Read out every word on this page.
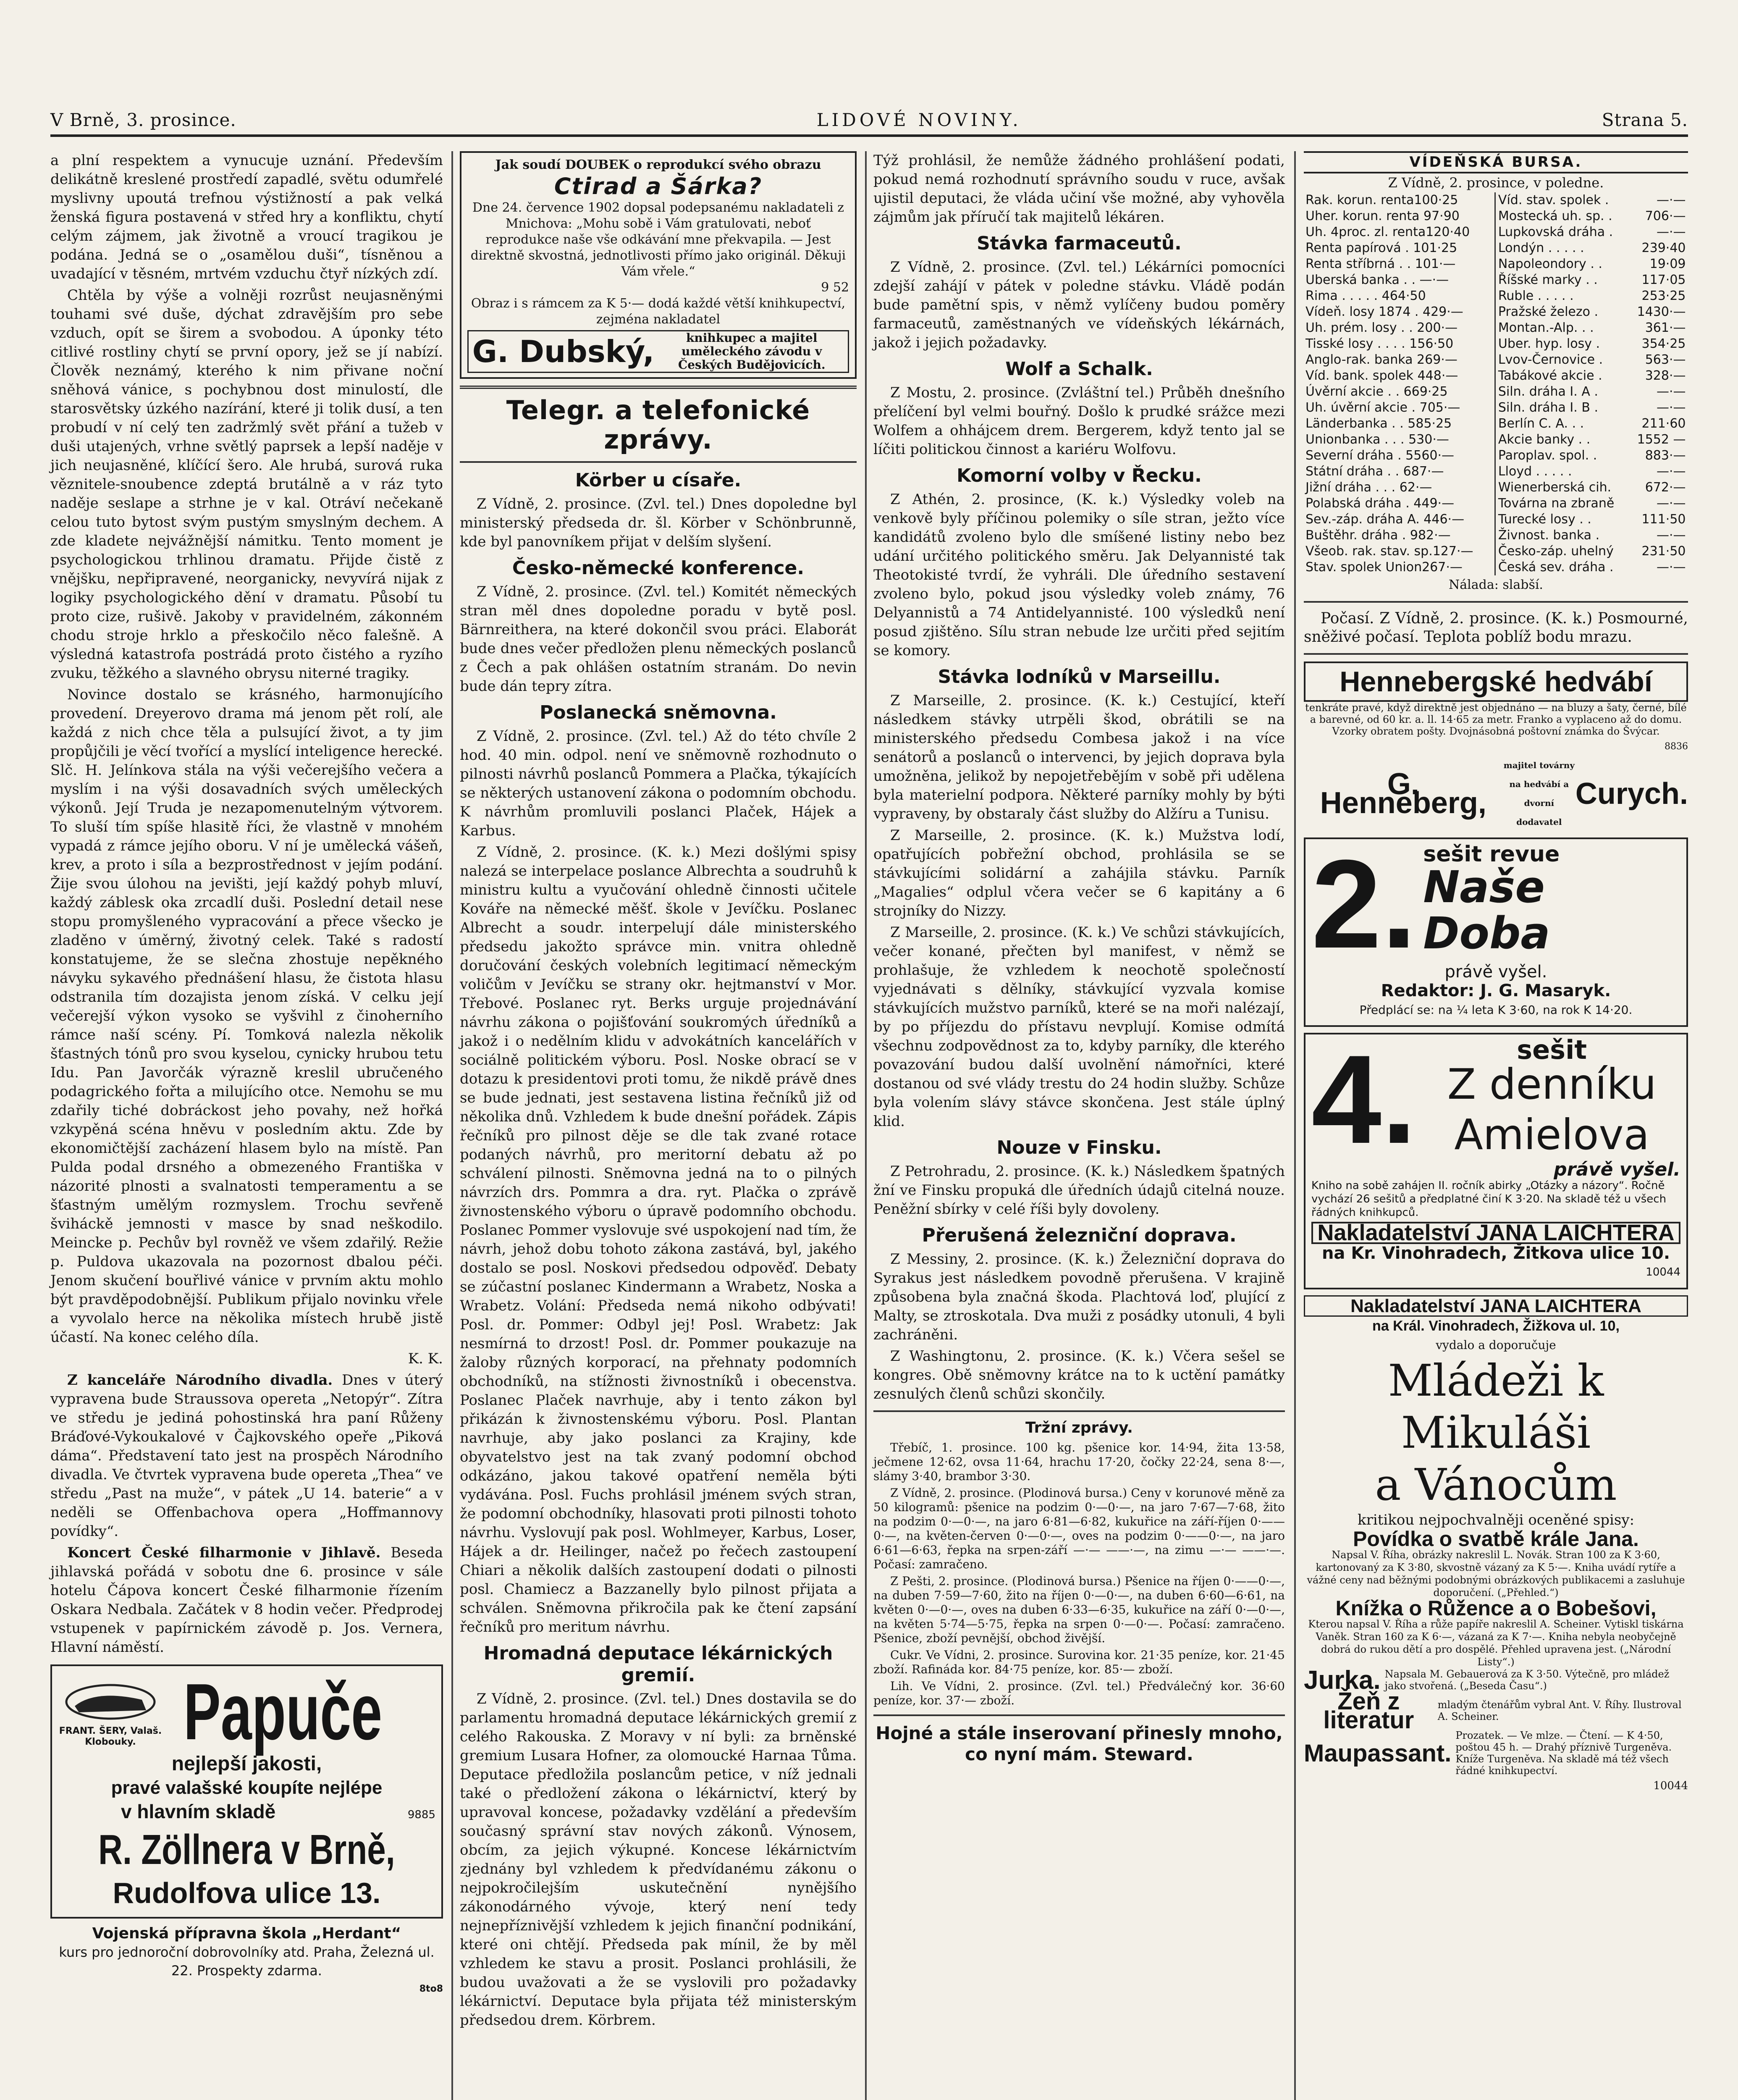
V Brně, 3. prosince.	LIDOVÉ NOVINY.	Strana 5.

a plní respektem a vynucuje uznání. Především delikátně kreslené prostředí zapadlé, světu odumřelé myslivny upoutá trefnou výstižností a pak velká ženská figura postavená v střed hry a konfliktu, chytí celým zájmem, jak životně a vroucí tragikou je podána. Jedná se o „osamělou duši“, tísněnou a uvadající v těsném, mrtvém vzduchu čtyř nízkých zdí.

Chtěla by výše a volněji rozrůst neujasněnými touhami své duše, dýchat zdravějším pro sebe vzduch, opít se širem a svobodou. A úponky této citlivé rostliny chytí se první opory, jež se jí nabízí. Člověk neznámý, kterého k nim přivane noční sněhová vánice, s pochybnou dost minulostí, dle starosvětsky úzkého nazírání, které ji tolik dusí, a ten probudí v ní celý ten zadržmlý svět přání a tužeb v duši utajených, vrhne světlý paprsek a lepší naděje v jich neujasněné, klíčící šero. Ale hrubá, surová ruka věznitele-snoubence zdeptá brutálně a v ráz tyto naděje seslape a strhne je v kal. Otráví nečekaně celou tuto bytost svým pustým smyslným dechem. A zde kladete nejvážnější námitku. Tento moment je psychologickou trhlinou dramatu. Přijde čistě z vnějšku, nepřipravené, neorganicky, nevyvírá nijak z logiky psychologického dění v dramatu. Působí tu proto cize, rušivě. Jakoby v pravidelném, zákonném chodu stroje hrklo a přeskočilo něco falešně. A výsledná katastrofa postrádá proto čistého a ryzího zvuku, těžkého a slavného obrysu niterné tragiky.

Novince dostalo se krásného, harmonujícího provedení. Dreyerovo drama má jenom pět rolí, ale každá z nich chce těla a pulsující život, a ty jim propůjčili je věcí tvořící a myslící inteligence herecké. Slč. H. Jelínkova stála na výši večerejšího večera a myslím i na výši dosavadních svých uměleckých výkonů. Její Truda je nezapomenutelným výtvorem. To sluší tím spíše hlasitě říci, že vlastně v mnohém vypadá z rámce jejího oboru. V ní je umělecká vášeň, krev, a proto i síla a bezprostřednost v jejím podání. Žije svou úlohou na jevišti, její každý pohyb mluví, každý záblesk oka zrcadlí duši. Poslední detail nese stopu promyšleného vypracování a přece všecko je zladěno v úměrný, životný celek. Také s radostí konstatujeme, že se slečna zhostuje nepěkného návyku sykavého přednášení hlasu, že čistota hlasu odstranila tím dozajista jenom získá. V celku její večerejší výkon vysoko se vyšvihl z činoherního rámce naší scény. Pí. Tomková nalezla několik šťastných tónů pro svou kyselou, cynicky hrubou tetu Idu. Pan Javorčák výrazně kreslil ubručeného podagrického fořta a milujícího otce. Nemohu se mu zdařily tiché dobráckost jeho povahy, než hořká vzkypěná scéna hněvu v posledním aktu. Zde by ekonomičtější zacházení hlasem bylo na místě. Pan Pulda podal drsného a obmezeného Františka v názorité plnosti a svalnatosti temperamentu a se šťastným umělým rozmyslem. Trochu sevřeně šviháckě jemnosti v masce by snad neškodilo. Meincke p. Pechův byl rovněž ve všem zdařilý. Režie p. Puldova ukazovala na pozornost dbalou péči. Jenom skučení bouřlivé vánice v prvním aktu mohlo být pravděpodobnější. Publikum přijalo novinku vřele a vyvolalo herce na několika místech hrubě jistě účastí. Na konec celého díla.

K. K.

Z kanceláře Národního divadla. Dnes v úterý vypravena bude Straussova opereta „Netopýr“. Zítra ve středu je jediná pohostinská hra paní Růženy Bráďové-Vykoukalové v Čajkovského opeře „Piková dáma“. Představení tato jest na prospěch Národního divadla. Ve čtvrtek vypravena bude opereta „Thea“ ve středu „Past na muže“, v pátek „U 14. baterie“ a v neděli se Offenbachova opera „Hoffmannovy povídky“.

Koncert České filharmonie v Jihlavě. Beseda jihlavská pořádá v sobotu dne 6. prosince v sále hotelu Čápova koncert České filharmonie řízením Oskara Nedbala. Začátek v 8 hodin večer. Předprodej vstupenek v papírnickém závodě p. Jos. Vernera, Hlavní náměstí.

FRANT. ŠERY, Valaš. Klobouky. Papuče
nejlepší jakosti,
pravé valašské koupíte nejlépe
v hlavním skladě	9885
R. Zöllnera v Brně,
Rudolfova ulice 13.
Vojenská přípravna škola „Herdant“
kurs pro jednoroční dobrovolníky atd. Praha, Železná ul. 22. Prospekty zdarma.
8to8
Jak soudí DOUBEK o reprodukcí svého obrazu
Ctirad a Šárka?
Dne 24. července 1902 dopsal podepsanému nakladateli z Mnichova: „Mohu sobě i Vám gratulovati, neboť reprodukce naše vše odkávání mne překvapila. — Jest direktně skvostná, jednotlivosti přímo jako originál. Děkuji Vám vřele.“
9 52
Obraz i s rámcem za K 5·— dodá každé větší knihkupectví, zejména nakladatel
G. Dubský,	knihkupec a majitel uměleckého závodu v Českých Budějovicích.
Telegr. a telefonické zprávy.
Körber u císaře.

Z Vídně, 2. prosince. (Zvl. tel.) Dnes dopoledne byl ministerský předseda dr. šl. Körber v Schönbrunně, kde byl panovníkem přijat v delším slyšení.

Česko-německé konference.

Z Vídně, 2. prosince. (Zvl. tel.) Komitét německých stran měl dnes dopoledne poradu v bytě posl. Bärnreithera, na které dokončil svou práci. Elaborát bude dnes večer předložen plenu německých poslanců z Čech a pak ohlášen ostatním stranám. Do nevin bude dán tepry zítra.

Poslanecká sněmovna.

Z Vídně, 2. prosince. (Zvl. tel.) Až do této chvíle 2 hod. 40 min. odpol. není ve sněmovně rozhodnuto o pilnosti návrhů poslanců Pommera a Plačka, týkajících se některých ustanovení zákona o podomním obchodu. K návrhům promluvili poslanci Plaček, Hájek a Karbus.

Z Vídně, 2. prosince. (K. k.) Mezi došlými spisy nalezá se interpelace poslance Albrechta a soudruhů k ministru kultu a vyučování ohledně činnosti učitele Kováře na německé měšť. škole v Jevíčku. Poslanec Albrecht a soudr. interpelují dále ministerského předsedu jakožto správce min. vnitra ohledně doručování českých volebních legitimací německým voličům v Jevíčku se strany okr. hejtmanství v Mor. Třebové. Poslanec ryt. Berks urguje projednávání návrhu zákona o pojišťování soukromých úředníků a jakož i o nedělním klidu v advokátních kancelářích v sociálně politickém výboru. Posl. Noske obrací se v dotazu k presidentovi proti tomu, že nikdě právě dnes se bude jednati, jest sestavena listina řečníků již od několika dnů. Vzhledem k bude dnešní pořádek. Zápis řečníků pro pilnost děje se dle tak zvané rotace podaných návrhů, pro meritorní debatu až po schválení pilnosti. Sněmovna jedná na to o pilných návrzích drs. Pommra a dra. ryt. Plačka o zprávě živnostenského výboru o úpravě podomního obchodu. Poslanec Pommer vyslovuje své uspokojení nad tím, že návrh, jehož dobu tohoto zákona zastává, byl, jakého dostalo se posl. Noskovi předsedou odpověď. Debaty se zúčastní poslanec Kindermann a Wrabetz, Noska a Wrabetz. Volání: Předseda nemá nikoho odbývati! Posl. dr. Pommer: Odbyl jej! Posl. Wrabetz: Jak nesmírná to drzost! Posl. dr. Pommer poukazuje na žaloby různých korporací, na přehnaty podomních obchodníků, na stížnosti živnostníků i obecenstva. Poslanec Plaček navrhuje, aby i tento zákon byl přikázán k živnostenskému výboru. Posl. Plantan navrhuje, aby jako poslanci za Krajiny, kde obyvatelstvo jest na tak zvaný podomní obchod odkázáno, jakou takové opatření neměla býti vydávána. Posl. Fuchs prohlásil jménem svých stran, že podomní obchodníky, hlasovati proti pilnosti tohoto návrhu. Vyslovují pak posl. Wohlmeyer, Karbus, Loser, Hájek a dr. Heilinger, načež po řečech zastoupení Chiari a několik dalších zastoupení dodati o pilnosti posl. Chamiecz a Bazzanelly bylo pilnost přijata a schválen. Sněmovna přikročila pak ke čtení zapsání řečníků pro meritum návrhu.

Hromadná deputace lékárnických gremií.

Z Vídně, 2. prosince. (Zvl. tel.) Dnes dostavila se do parlamentu hromadná deputace lékárnických gremií z celého Rakouska. Z Moravy v ní byli: za brněnské gremium Lusara Hofner, za olomoucké Harnaa Tůma. Deputace předložila poslancům petice, v níž jednali také o předložení zákona o lékárnictví, který by upravoval koncese, požadavky vzdělání a především současný správní stav nových zákonů. Výnosem, obcím, za jejich výkupné. Koncese lékárnictvím zjednány byl vzhledem k předvídanému zákonu o nejpokročilejším uskutečnění nynějšího zákonodárného vývoje, který není tedy nejnepříznivější vzhledem k jejich finanční podnikání, které oni chtějí. Předseda pak mínil, že by měl vzhledem ke stavu a prosit. Poslanci prohlásili, že budou uvažovati a že se vyslovili pro požadavky lékárnictví. Deputace byla přijata též ministerským předsedou drem. Körbrem.

Týž prohlásil, že nemůže žádného prohlášení podati, pokud nemá rozhodnutí správního soudu v ruce, avšak ujistil deputaci, že vláda učiní vše možné, aby vyhověla zájmům jak příručí tak majitelů lékáren.

Stávka farmaceutů.

Z Vídně, 2. prosince. (Zvl. tel.) Lékárníci pomocníci zdejší zahájí v pátek v poledne stávku. Vládě podán bude pamětní spis, v němž vylíčeny budou poměry farmaceutů, zaměstnaných ve vídeňských lékárnách, jakož i jejich požadavky.

Wolf a Schalk.

Z Mostu, 2. prosince. (Zvláštní tel.) Průběh dnešního přelíčení byl velmi bouřný. Došlo k prudké srážce mezi Wolfem a ohhájcem drem. Bergerem, když tento jal se líčiti politickou činnost a kariéru Wolfovu.

Komorní volby v Řecku.

Z Athén, 2. prosince, (K. k.) Výsledky voleb na venkově byly příčinou polemiky o síle stran, ježto více kandidátů zvoleno bylo dle smíšené listiny nebo bez udání určitého politického směru. Jak Delyannisté tak Theotokisté tvrdí, že vyhráli. Dle úředního sestavení zvoleno bylo, pokud jsou výsledky voleb známy, 76 Delyannistů a 74 Antidelyannisté. 100 výsledků není posud zjištěno. Sílu stran nebude lze určiti před sejitím se komory.

Stávka lodníků v Marseillu.

Z Marseille, 2. prosince. (K. k.) Cestující, kteří následkem stávky utrpěli škod, obrátili se na ministerského předsedu Combesa jakož i na více senátorů a poslanců o intervenci, by jejich doprava byla umožněna, jelikož by nepojetřebějím v sobě při udělena byla materielní podpora. Některé parníky mohly by býti vypraveny, by obstaraly část služby do Alžíru a Tunisu.

Z Marseille, 2. prosince. (K. k.) Mužstva lodí, opatřujících pobřežní obchod, prohlásila se se stávkujícími solidární a zahájila stávku. Parník „Magalies“ odplul včera večer se 6 kapitány a 6 strojníky do Nizzy.

Z Marseille, 2. prosince. (K. k.) Ve schůzi stávkujících, večer konané, přečten byl manifest, v němž se prohlašuje, že vzhledem k neochotě společností vyjednávati s dělníky, stávkující vyzvala komise stávkujících mužstvo parníků, které se na moři nalézají, by po příjezdu do přístavu nevplují. Komise odmítá všechnu zodpovědnost za to, kdyby parníky, dle kterého povazování budou další uvolnění námořníci, které dostanou od své vlády trestu do 24 hodin služby. Schůze byla volením slávy stávce skončena. Jest stále úplný klid.

Nouze v Finsku.

Z Petrohradu, 2. prosince. (K. k.) Následkem špatných žní ve Finsku propuká dle úředních údajů citelná nouze. Peněžní sbírky v celé říši byly dovoleny.

Přerušená železniční doprava.

Z Messiny, 2. prosince. (K. k.) Železniční doprava do Syrakus jest následkem povodně přerušena. V krajině způsobena byla značná škoda. Plachtová loď, plující z Malty, se ztroskotala. Dva muži z posádky utonuli, 4 byli zachráněni.

Z Washingtonu, 2. prosince. (K. k.) Včera sešel se kongres. Obě sněmovny krátce na to k uctění památky zesnulých členů schůzi skončily.

Tržní zprávy.

Třebíč, 1. prosince. 100 kg. pšenice kor. 14·94, žita 13·58, ječmene 12·62, ovsa 11·64, hrachu 17·20, čočky 22·24, sena 8·—, slámy 3·40, brambor 3·30.

Z Vídně, 2. prosince. (Plodinová bursa.) Ceny v korunové měně za 50 kilogramů: pšenice na podzim 0·—0·—, na jaro 7·67—7·68, žito na podzim 0·—0·—, na jaro 6·81—6·82, kukuřice na září-říjen 0·——0·—, na květen-červen 0·—0·—, oves na podzim 0·——0·—, na jaro 6·61—6·63, řepka na srpen-září —·— ——·—, na zimu —·— ——·—. Počasí: zamračeno.

Z Pešti, 2. prosince. (Plodinová bursa.) Pšenice na říjen 0·——0·—, na duben 7·59—7·60, žito na říjen 0·—0·—, na duben 6·60—6·61, na květen 0·—0·—, oves na duben 6·33—6·35, kukuřice na září 0·—0·—, na květen 5·74—5·75, řepka na srpen 0·—0·—. Počasí: zamračeno. Pšenice, zboží pevnější, obchod živější.

Cukr. Ve Vídni, 2. prosince. Surovina kor. 21·35 peníze, kor. 21·45 zboží. Rafináda kor. 84·75 peníze, kor. 85·— zboží.

Lih. Ve Vídni, 2. prosince. (Zvl. tel.) Předválečný kor. 36·60 peníze, kor. 37·— zboží.

Hojné a stále inserovaní přinesly mnoho, co nyní mám. Steward.
VÍDEŇSKÁ BURSA.
Z Vídně, 2. prosince, v poledne.
Rak. korun. renta100·25		Víd. stav. spolek .	—·—
Uher. korun. renta 97·90		Mostecká uh. sp. .	706·—
Uh. 4proc. zl. renta120·40		Lupkovská dráha .	—·—
Renta papírová . 101·25		Londýn . . . . .	239·40
Renta stříbrná . . 101·—		Napoleondory . .	19·09
Uberská banka . . —·—		Říšské marky . .	117·05
Rima . . . . . 464·50		Ruble . . . . .	253·25
Vídeň. losy 1874 . 429·—		Pražské železo .	1430·—
Uh. prém. losy . . 200·—		Montan.-Alp. . .	361·—
Tisské losy . . . . 156·50		Uber. hyp. losy .	354·25
Anglo-rak. banka 269·—		Lvov-Černovice .	563·—
Víd. bank. spolek 448·—		Tabákové akcie .	328·—
Úvěrní akcie . . 669·25		Siln. dráha I. A .	—·—
Uh. úvěrní akcie . 705·—		Siln. dráha I. B .	—·—
Länderbanka . . 585·25		Berlín C. A. . .	211·60
Unionbanka . . . 530·—		Akcie banky . .	1552 —
Severní dráha . 5560·—		Paroplav. spol. .	883·—
Státní dráha . . 687·—		Lloyd . . . . .	—·—
Jižní dráha . . . 62·—		Wienerberská cih.	672·—
Polabská dráha . 449·—		Továrna na zbraně	—·—
Sev.-záp. dráha A. 446·—		Turecké losy . .	111·50
Buštěhr. dráha . 982·—		Živnost. banka .	—·—
Všeob. rak. stav. sp.127·—		Česko-záp. uhelný	231·50
Stav. spolek Union267·—		Česká sev. dráha .	—·—
Nálada: slabší.

Počasí. Z Vídně, 2. prosince. (K. k.) Posmourné, sněživé počasí. Teplota poblíž bodu mrazu.

Hennebergské hedvábí
tenkráte pravé, když direktně jest objednáno — na bluzy a šaty, černé, bílé a barevné, od 60 kr. a. ll. 14·65 za metr. Franko a vyplaceno až do domu. Vzorky obratem pošty. Dvojnásobná poštovní známka do Švýcar.
8836
G. Henneberg,
majitel továrny na hedvábí a dvorní dodavatel
Curych.
2. sešit revue
Naše
Doba
právě vyšel.
Redaktor: J. G. Masaryk.
Předplácí se: na ¼ leta K 3·60, na rok K 14·20.
4.	sešit
Z denníku
Amielova
právě vyšel.
Kniho na sobě zahájen II. ročník abirky „Otázky a názory“. Ročně vychází 26 sešitů a předplatné činí K 3·20. Na skladě též u všech řádných knihkupců.
Nakladatelství JANA LAICHTERA
na Kr. Vinohradech, Žitkova ulice 10.
10044
Nakladatelství JANA LAICHTERA
na Král. Vinohradech, Žižkova ul. 10,
vydalo a doporučuje
Mládeži k Mikuláši
a Vánocům
kritikou nejpochvalněji oceněné spisy:
Povídka o svatbě krále Jana.
Napsal V. Říha, obrázky nakreslil L. Novák. Stran 100 za K 3·60, kartonovaný za K 3·80, skvostně vázaný za K 5·—. Kniha uvádí rytíře a vážné ceny nad běžnými podobnými obrázkových publikacemi a zasluhuje doporučení. („Přehled.“)
Knížka o Růžence a o Bobešovi,
Kterou napsal V. Říha a růže papíře nakreslil A. Scheiner. Vytiskl tiskárna Vaněk. Stran 160 za K 6·—, vázaná za K 7·—. Kniha nebyla neobyčejně dobrá do rukou dětí a pro dospělé. Přehled upravena jest. („Národní Listy“.)
Jurka. Napsala M. Gebauerová za K 3·50. Výtečně, pro mládež jako stvořená. („Beseda Času“.)
Žeň z literatur
mladým čtenářům vybral Ant. V. Říhy. Ilustroval A. Scheiner.
Maupassant.
Prozatek. — Ve mlze. — Čtení. — K 4·50, poštou 45 h. — Drahý příznivě Turgeněva. Kníže Turgeněva. Na skladě má též všech řádné knihkupectví.
10044
